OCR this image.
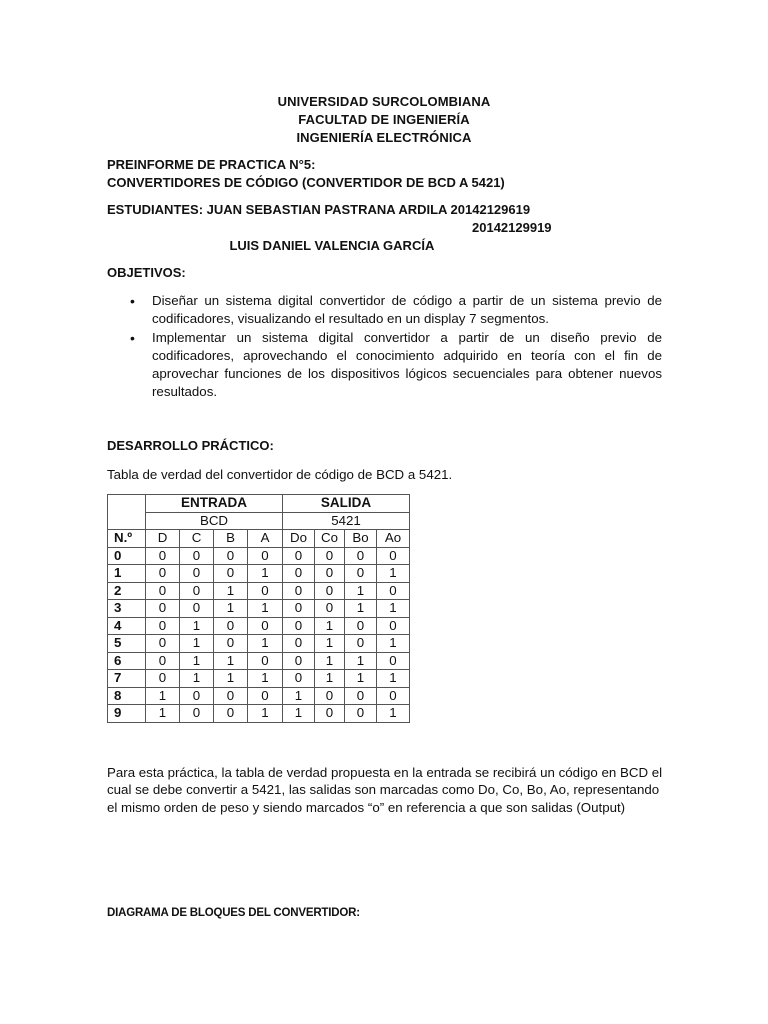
UNIVERSIDAD SURCOLOMBIANA
FACULTAD DE INGENIERÍA
INGENIERÍA ELECTRÓNICA
PREINFORME DE PRACTICA N°5:
CONVERTIDORES DE CÓDIGO (CONVERTIDOR DE BCD A 5421)
ESTUDIANTES: JUAN SEBASTIAN PASTRANA ARDILA 20142129619

LUIS DANIEL VALENCIA GARCÍA

20142129919

OBJETIVOS:
• Diseñar un sistema digital convertidor de código a partir de un sistema previo de codificadores, visualizando el resultado en un display 7 segmentos.
• Implementar un sistema digital convertidor a partir de un diseño previo de codificadores, aprovechando el conocimiento adquirido en teoría con el fin de aprovechar funciones de los dispositivos lógicos secuenciales para obtener nuevos resultados.
DESARROLLO PRÁCTICO:
Tabla de verdad del convertidor de código de BCD a 5421.
	ENTRADA				SALIDA			
	BCD				5421			
N.º	D	C	B	A	Do	Co	Bo	Ao
0	0	0	0	0	0	0	0	0
1	0	0	0	1	0	0	0	1
2	0	0	1	0	0	0	1	0
3	0	0	1	1	0	0	1	1
4	0	1	0	0	0	1	0	0
5	0	1	0	1	0	1	0	1
6	0	1	1	0	0	1	1	0
7	0	1	1	1	0	1	1	1
8	1	0	0	0	1	0	0	0
9	1	0	0	1	1	0	0	1
Para esta práctica, la tabla de verdad propuesta en la entrada se recibirá un código en BCD el cual se debe convertir a 5421, las salidas son marcadas como Do, Co, Bo, Ao, representando el mismo orden de peso y siendo marcados “o” en referencia a que son salidas (Output)
DIAGRAMA DE BLOQUES DEL CONVERTIDOR:
